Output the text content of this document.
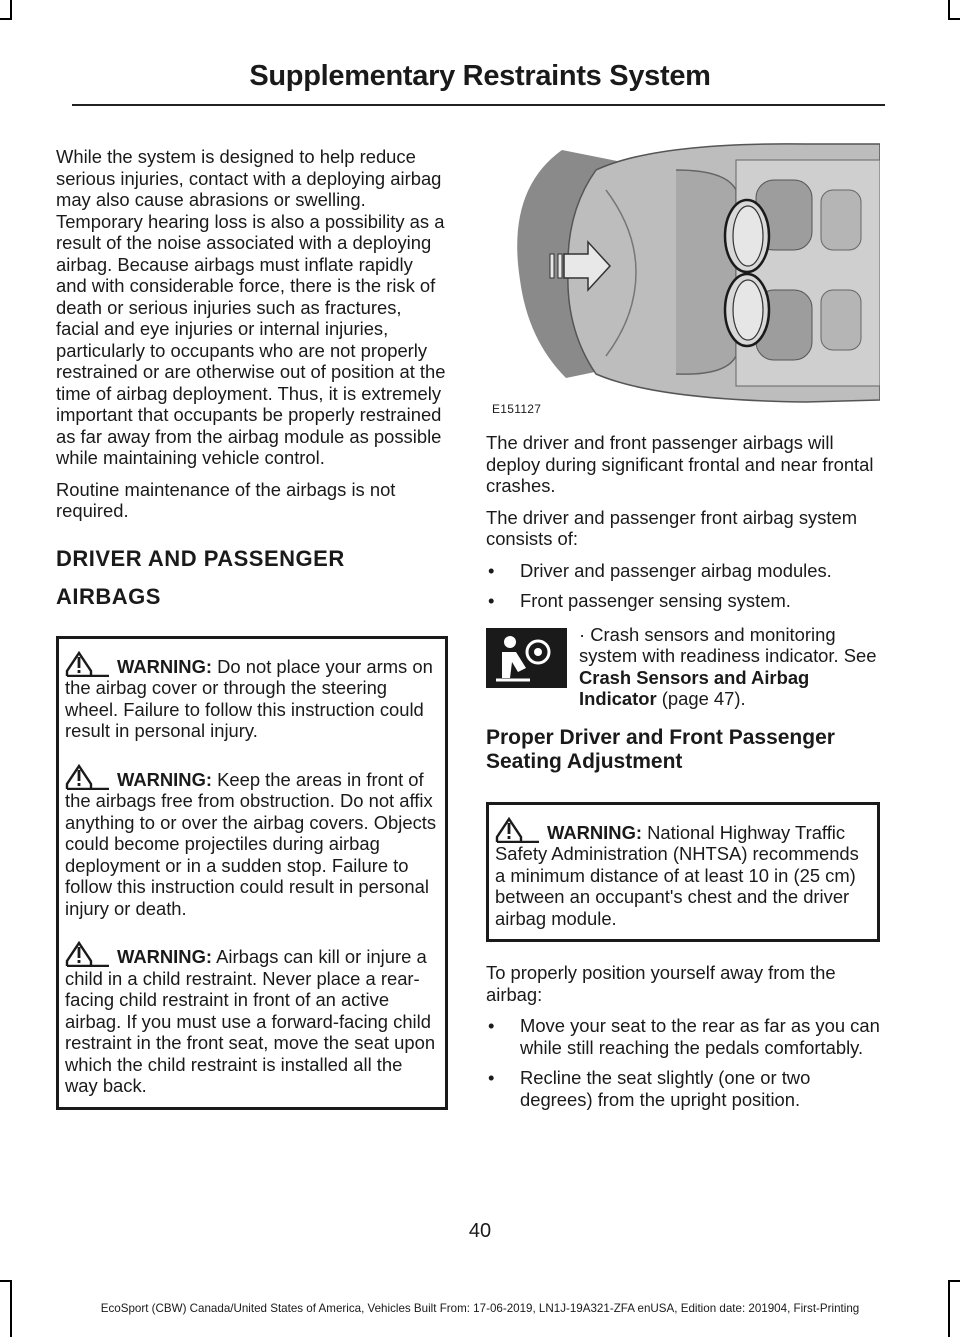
Supplementary Restraints System

While the system is designed to help reduce serious injuries, contact with a deploying airbag may also cause abrasions or swelling. Temporary hearing loss is also a possibility as a result of the noise associated with a deploying airbag. Because airbags must inflate rapidly and with considerable force, there is the risk of death or serious injuries such as fractures, facial and eye injuries or internal injuries, particularly to occupants who are not properly restrained or are otherwise out of position at the time of airbag deployment. Thus, it is extremely important that occupants be properly restrained as far away from the airbag module as possible while maintaining vehicle control.

Routine maintenance of the airbags is not required.

DRIVER AND PASSENGER AIRBAGS

WARNING: Do not place your arms on the airbag cover or through the steering wheel. Failure to follow this instruction could result in personal injury.

WARNING: Keep the areas in front of the airbags free from obstruction. Do not affix anything to or over the airbag covers. Objects could become projectiles during airbag deployment or in a sudden stop. Failure to follow this instruction could result in personal injury or death.

WARNING: Airbags can kill or injure a child in a child restraint. Never place a rear-facing child restraint in front of an active airbag. If you must use a forward-facing child restraint in the front seat, move the seat upon which the child restraint is installed all the way back.

E151127

The driver and front passenger airbags will deploy during significant frontal and near frontal crashes.

The driver and passenger front airbag system consists of:

• Driver and passenger airbag modules.
• Front passenger sensing system.

· Crash sensors and monitoring system with readiness indicator. See Crash Sensors and Airbag Indicator (page 47).

Proper Driver and Front Passenger Seating Adjustment

WARNING: National Highway Traffic Safety Administration (NHTSA) recommends a minimum distance of at least 10 in (25 cm) between an occupant's chest and the driver airbag module.

To properly position yourself away from the airbag:

• Move your seat to the rear as far as you can while still reaching the pedals comfortably.
• Recline the seat slightly (one or two degrees) from the upright position.
40
EcoSport (CBW) Canada/United States of America, Vehicles Built From: 17-06-2019, LN1J-19A321-ZFA enUSA, Edition date: 201904, First-Printing
